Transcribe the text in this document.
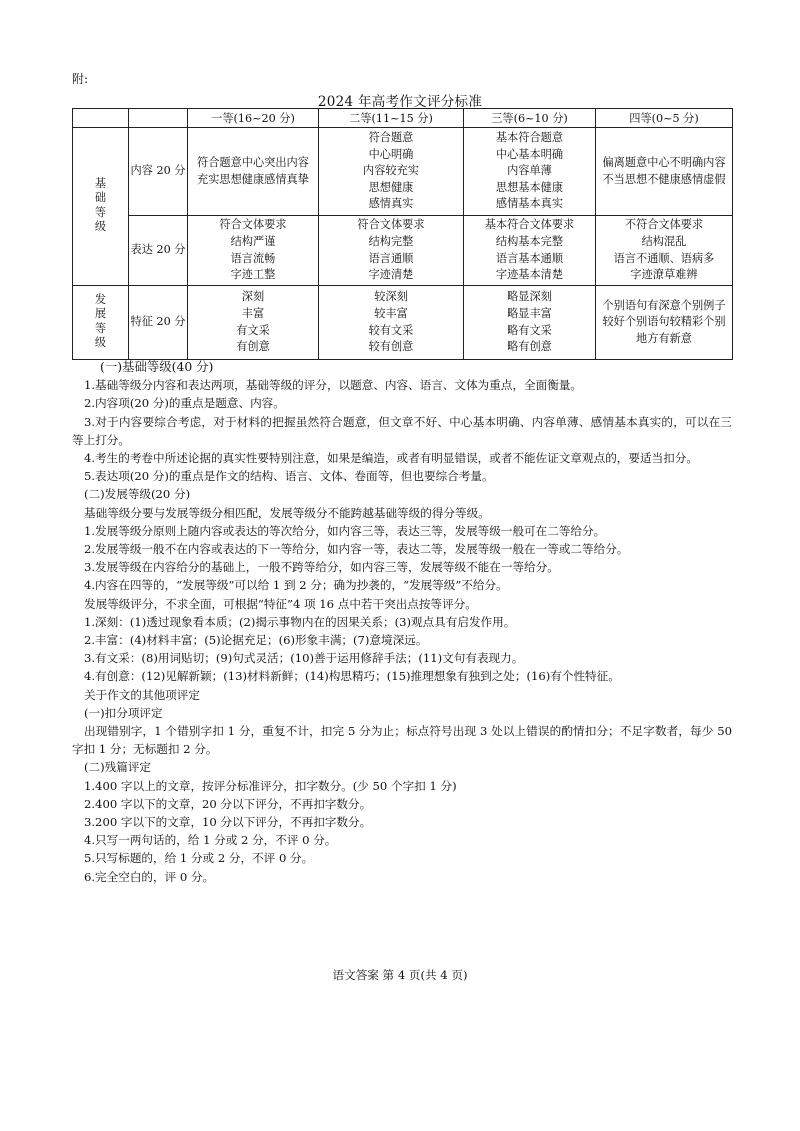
附:
2024 年高考作文评分标准
		一等(16~20 分)	二等(11~15 分)	三等(6~10 分)	四等(0~5 分)
基础等级	内容 20 分	符合题意中心突出内容
充实思想健康感情真挚	符合题意
中心明确
内容较充实
思想健康
感情真实	基本符合题意
中心基本明确
内容单薄
思想基本健康
感情基本真实	偏离题意中心不明确内容
不当思想不健康感情虚假

	表达 20 分	符合文体要求
结构严谨
语言流畅
字迹工整	符合文体要求
结构完整
语言通顺
字迹清楚	基本符合文体要求
结构基本完整
语言基本通顺
字迹基本清楚	不符合文体要求
结构混乱
语言不通顺、语病多
字迹潦草难辨

发展等级	特征 20 分	深刻
丰富
有文采
有创意	较深刻
较丰富
较有文采
较有创意	略显深刻
略显丰富
略有文采
略有创意	个别语句有深意个别例子
较好个别语句较精彩个别
地方有新意

(一)基础等级(40 分)

1.基础等级分内容和表达两项，基础等级的评分，以题意、内容、语言、文体为重点，全面衡量。

2.内容项(20 分)的重点是题意、内容。

3.对于内容要综合考虑，对于材料的把握虽然符合题意，但文章不好、中心基本明确、内容单薄、感情基本真实的，可以在三等上打分。

4.考生的考卷中所述论据的真实性要特别注意，如果是编造，或者有明显错误，或者不能佐证文章观点的，要适当扣分。

5.表达项(20 分)的重点是作文的结构、语言、文体、卷面等，但也要综合考量。

(二)发展等级(20 分)

基础等级分要与发展等级分相匹配，发展等级分不能跨越基础等级的得分等级。

1.发展等级分原则上随内容或表达的等次给分，如内容三等，表达三等，发展等级一般可在二等给分。

2.发展等级一般不在内容或表达的下一等给分，如内容一等，表达二等，发展等级一般在一等或二等给分。

3.发展等级在内容给分的基础上，一般不跨等给分，如内容三等，发展等级不能在一等给分。

4.内容在四等的，“发展等级”可以给 1 到 2 分；确为抄袭的，“发展等级”不给分。

发展等级评分，不求全面，可根据“特征”4 项 16 点中若干突出点按等评分。

1.深刻：(1)透过现象看本质；(2)揭示事物内在的因果关系；(3)观点具有启发作用。

2.丰富：(4)材料丰富；(5)论据充足；(6)形象丰满；(7)意境深远。

3.有文采：(8)用词贴切；(9)句式灵活；(10)善于运用修辞手法；(11)文句有表现力。

4.有创意：(12)见解新颖；(13)材料新鲜；(14)构思精巧；(15)推理想象有独到之处；(16)有个性特征。

关于作文的其他项评定

(一)扣分项评定

出现错别字，1 个错别字扣 1 分，重复不计，扣完 5 分为止；标点符号出现 3 处以上错误的酌情扣分；不足字数者，每少 50 字扣 1 分；无标题扣 2 分。

(二)残篇评定

1.400 字以上的文章，按评分标准评分，扣字数分。(少 50 个字扣 1 分)

2.400 字以下的文章，20 分以下评分，不再扣字数分。

3.200 字以下的文章，10 分以下评分，不再扣字数分。

4.只写一两句话的，给 1 分或 2 分，不评 0 分。

5.只写标题的，给 1 分或 2 分，不评 0 分。

6.完全空白的，评 0 分。

语文答案 第 4 页(共 4 页)
